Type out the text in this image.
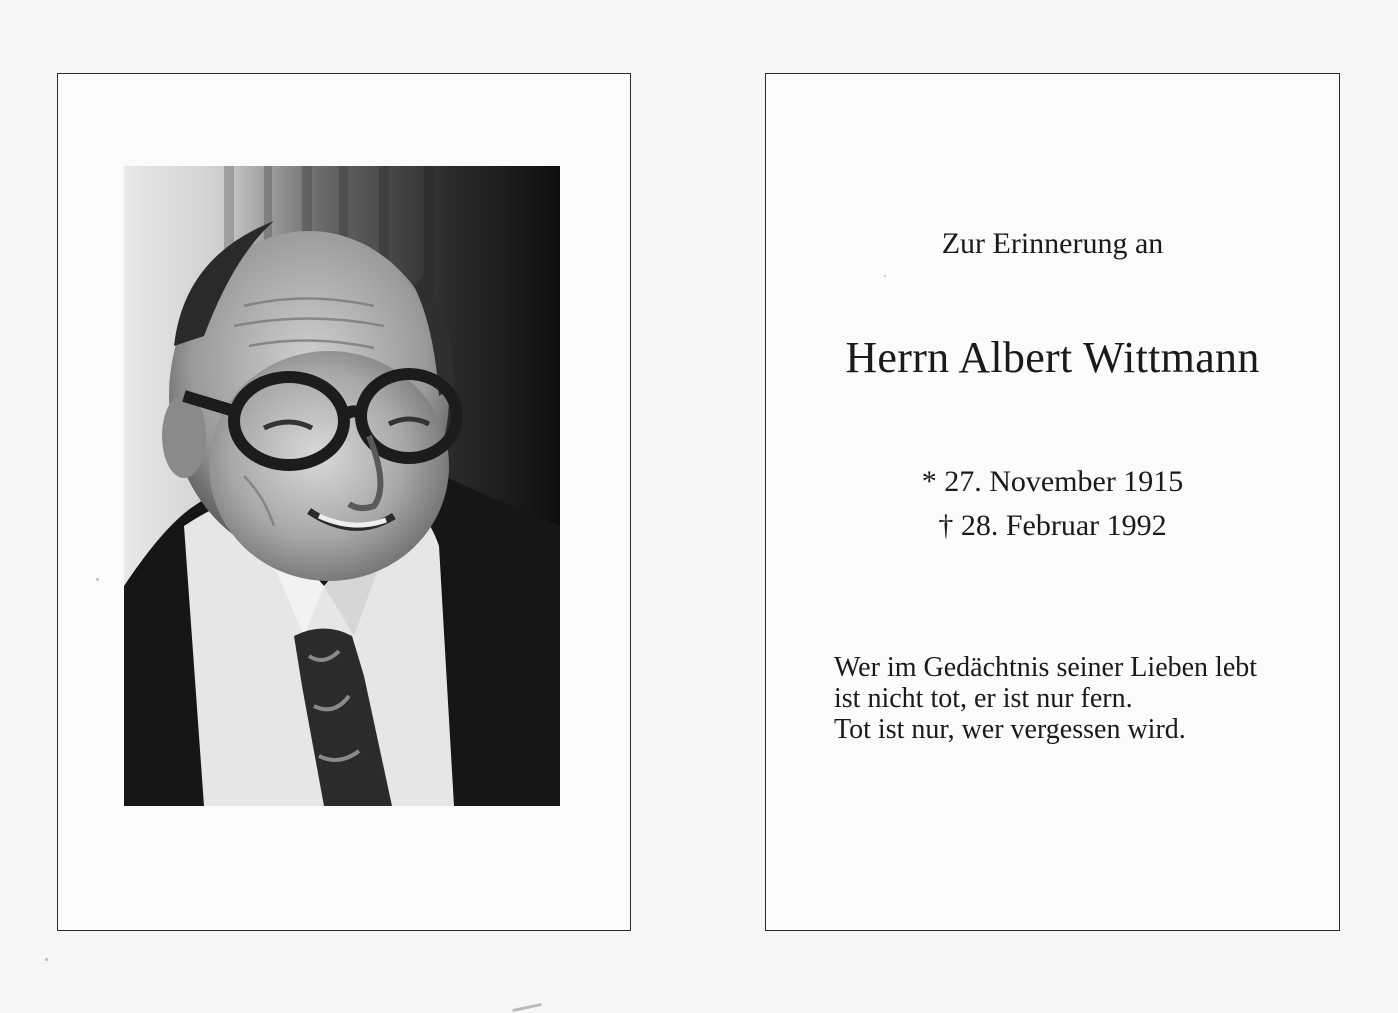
Zur Erinnerung an

Herrn Albert Wittmann

* 27. November 1915

† 28. Februar 1992

Wer im Gedächtnis seiner Lieben lebt
ist nicht tot, er ist nur fern.
Tot ist nur, wer vergessen wird.
